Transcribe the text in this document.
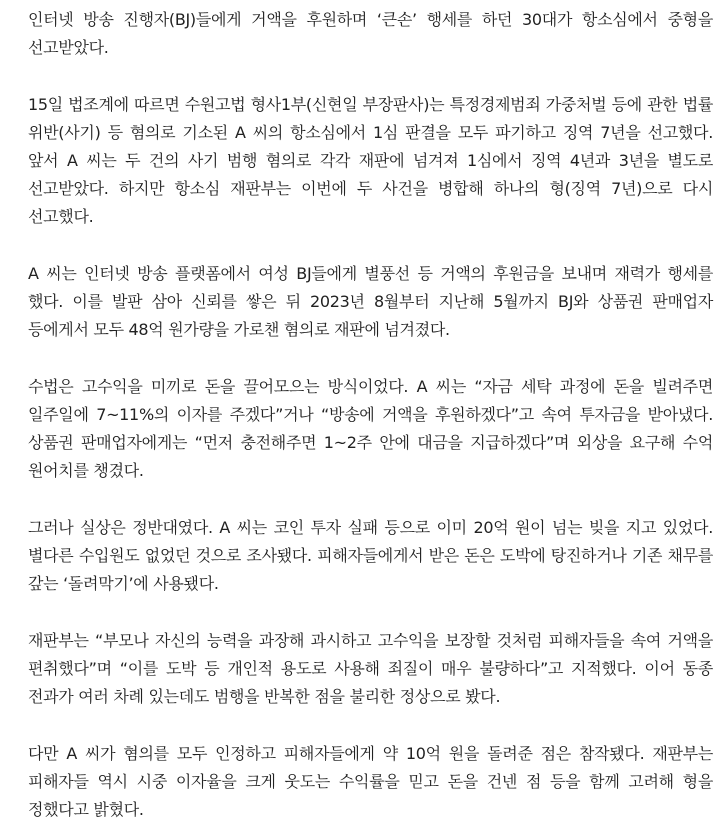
인터넷 방송 진행자(BJ)들에게 거액을 후원하며 ‘큰손’ 행세를 하던 30대가 항소심에서 중형을 선고받았다.

15일 법조계에 따르면 수원고법 형사1부(신현일 부장판사)는 특정경제범죄 가중처벌 등에 관한 법률 위반(사기) 등 혐의로 기소된 A 씨의 항소심에서 1심 판결을 모두 파기하고 징역 7년을 선고했다. 앞서 A 씨는 두 건의 사기 범행 혐의로 각각 재판에 넘겨져 1심에서 징역 4년과 3년을 별도로 선고받았다. 하지만 항소심 재판부는 이번에 두 사건을 병합해 하나의 형(징역 7년)으로 다시 선고했다.

A 씨는 인터넷 방송 플랫폼에서 여성 BJ들에게 별풍선 등 거액의 후원금을 보내며 재력가 행세를 했다. 이를 발판 삼아 신뢰를 쌓은 뒤 2023년 8월부터 지난해 5월까지 BJ와 상품권 판매업자 등에게서 모두 48억 원가량을 가로챈 혐의로 재판에 넘겨졌다.

수법은 고수익을 미끼로 돈을 끌어모으는 방식이었다. A 씨는 “자금 세탁 과정에 돈을 빌려주면 일주일에 7~11%의 이자를 주겠다”거나 “방송에 거액을 후원하겠다”고 속여 투자금을 받아냈다. 상품권 판매업자에게는 “먼저 충전해주면 1~2주 안에 대금을 지급하겠다”며 외상을 요구해 수억 원어치를 챙겼다.

그러나 실상은 정반대였다. A 씨는 코인 투자 실패 등으로 이미 20억 원이 넘는 빚을 지고 있었다. 별다른 수입원도 없었던 것으로 조사됐다. 피해자들에게서 받은 돈은 도박에 탕진하거나 기존 채무를 갚는 ‘돌려막기’에 사용됐다.

재판부는 “부모나 자신의 능력을 과장해 과시하고 고수익을 보장할 것처럼 피해자들을 속여 거액을 편취했다”며 “이를 도박 등 개인적 용도로 사용해 죄질이 매우 불량하다”고 지적했다. 이어 동종 전과가 여러 차례 있는데도 범행을 반복한 점을 불리한 정상으로 봤다.

다만 A 씨가 혐의를 모두 인정하고 피해자들에게 약 10억 원을 돌려준 점은 참작됐다. 재판부는 피해자들 역시 시중 이자율을 크게 웃도는 수익률을 믿고 돈을 건넨 점 등을 함께 고려해 형을 정했다고 밝혔다.
